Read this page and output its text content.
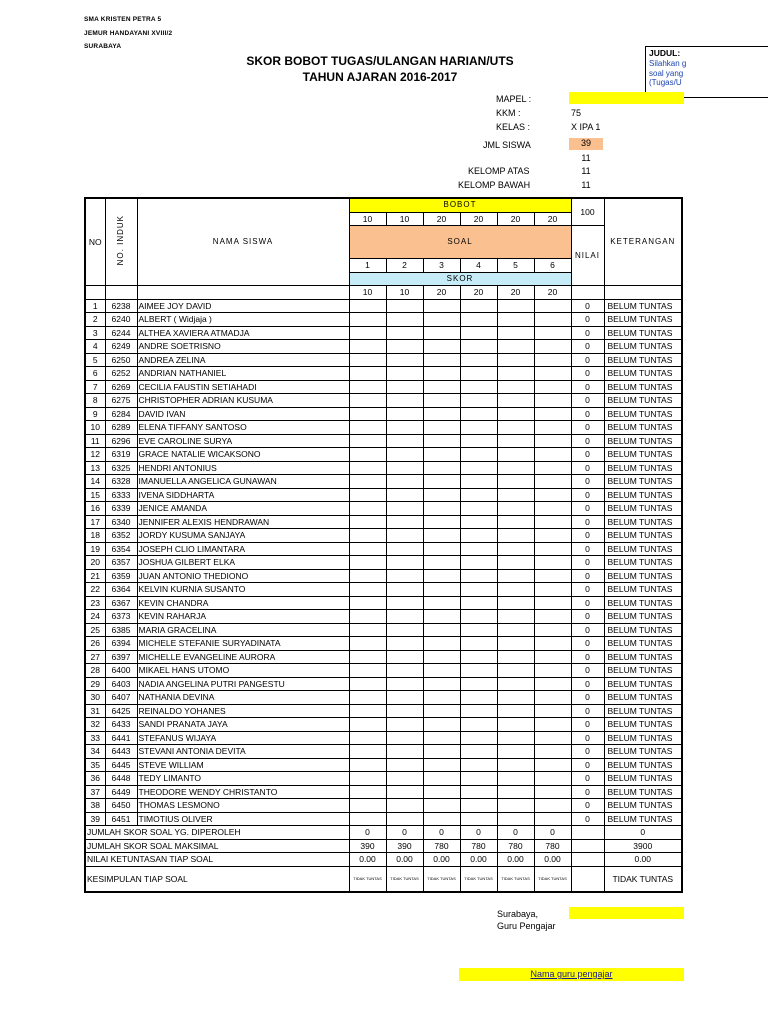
SMA KRISTEN PETRA 5
JEMUR HANDAYANI XVIII/2
SURABAYA
SKOR BOBOT TUGAS/ULANGAN HARIAN/UTS
TAHUN AJARAN 2016-2017
JUDUL:
Silahkan g
soal yang
(Tugas/U
MAPEL :
KKM :	75
KELAS :	X IPA 1
JML SISWA	39
11
KELOMP ATAS	11
KELOMP BAWAH	11
NO	NO. INDUK	NAMA SISWA	BOBOT						100	KETERANGAN
			10	10	20	20	20	20		
			SOAL						NILAI	
			1	2	3	4	5	6		
			SKOR							
			10	10	20	20	20	20		
1	6238	AIMEE JOY DAVID							0	BELUM TUNTAS
2	6240	ALBERT ( Widjaja )							0	BELUM TUNTAS
3	6244	ALTHEA XAVIERA ATMADJA							0	BELUM TUNTAS
4	6249	ANDRE SOETRISNO							0	BELUM TUNTAS
5	6250	ANDREA ZELINA							0	BELUM TUNTAS
6	6252	ANDRIAN NATHANIEL							0	BELUM TUNTAS
7	6269	CECILIA FAUSTIN SETIAHADI							0	BELUM TUNTAS
8	6275	CHRISTOPHER ADRIAN KUSUMA							0	BELUM TUNTAS
9	6284	DAVID IVAN							0	BELUM TUNTAS
10	6289	ELENA TIFFANY SANTOSO							0	BELUM TUNTAS
11	6296	EVE CAROLINE SURYA							0	BELUM TUNTAS
12	6319	GRACE NATALIE WICAKSONO							0	BELUM TUNTAS
13	6325	HENDRI ANTONIUS							0	BELUM TUNTAS
14	6328	IMANUELLA ANGELICA GUNAWAN							0	BELUM TUNTAS
15	6333	IVENA SIDDHARTA							0	BELUM TUNTAS
16	6339	JENICE AMANDA							0	BELUM TUNTAS
17	6340	JENNIFER ALEXIS HENDRAWAN							0	BELUM TUNTAS
18	6352	JORDY KUSUMA SANJAYA							0	BELUM TUNTAS
19	6354	JOSEPH CLIO LIMANTARA							0	BELUM TUNTAS
20	6357	JOSHUA GILBERT ELKA							0	BELUM TUNTAS
21	6359	JUAN ANTONIO THEDIONO							0	BELUM TUNTAS
22	6364	KELVIN KURNIA SUSANTO							0	BELUM TUNTAS
23	6367	KEVIN CHANDRA							0	BELUM TUNTAS
24	6373	KEVIN RAHARJA							0	BELUM TUNTAS
25	6385	MARIA GRACELINA							0	BELUM TUNTAS
26	6394	MICHELE STEFANIE SURYADINATA							0	BELUM TUNTAS
27	6397	MICHELLE EVANGELINE AURORA							0	BELUM TUNTAS
28	6400	MIKAEL HANS UTOMO							0	BELUM TUNTAS
29	6403	NADIA ANGELINA PUTRI PANGESTU							0	BELUM TUNTAS
30	6407	NATHANIA DEVINA							0	BELUM TUNTAS
31	6425	REINALDO YOHANES							0	BELUM TUNTAS
32	6433	SANDI PRANATA JAYA							0	BELUM TUNTAS
33	6441	STEFANUS WIJAYA							0	BELUM TUNTAS
34	6443	STEVANI ANTONIA DEVITA							0	BELUM TUNTAS
35	6445	STEVE WILLIAM							0	BELUM TUNTAS
36	6448	TEDY LIMANTO							0	BELUM TUNTAS
37	6449	THEODORE WENDY CHRISTANTO							0	BELUM TUNTAS
38	6450	THOMAS LESMONO							0	BELUM TUNTAS
39	6451	TIMOTIUS OLIVER							0	BELUM TUNTAS
JUMLAH SKOR SOAL YG. DIPEROLEH			0	0	0	0	0	0		0
JUMLAH SKOR SOAL MAKSIMAL			390	390	780	780	780	780		3900
NILAI KETUNTASAN TIAP SOAL			0.00	0.00	0.00	0.00	0.00	0.00		0.00
KESIMPULAN TIAP SOAL			TIDAK TUNTAS	TIDAK TUNTAS	TIDAK TUNTAS	TIDAK TUNTAS	TIDAK TUNTAS	TIDAK TUNTAS		TIDAK TUNTAS
Surabaya,
Guru Pengajar
Nama guru pengajar
